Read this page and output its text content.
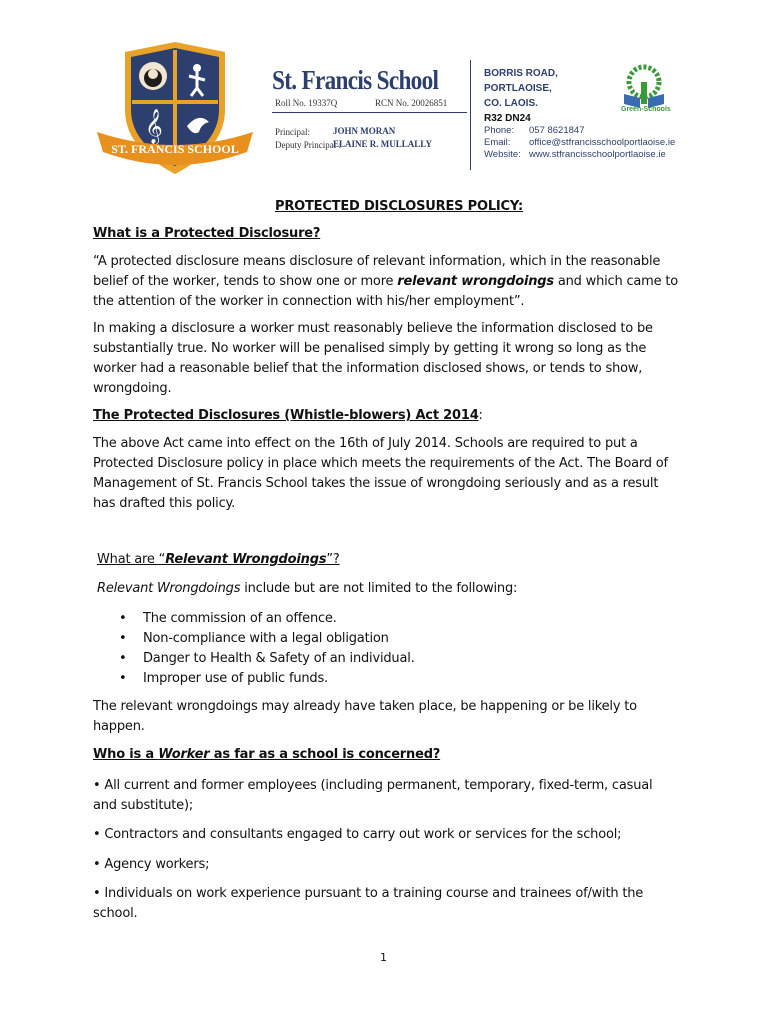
𝄞
ST. FRANCIS SCHOOL
St. Francis School
Roll No. 19337Q	RCN No. 20026851
Principal:	JOHN MORAN
Deputy Principal :
ELAINE R. MULLALLY
BORRIS ROAD,
PORTLAOISE,
CO. LAOIS.
R32 DN24
Phone: 057 8621847
Email: office@stfrancisschoolportlaoise.ie
Website: www.stfrancisschoolportlaoise.ie
Green-Schools
PROTECTED DISCLOSURES POLICY:
What is a Protected Disclosure?

“A protected disclosure means disclosure of relevant information, which in the reasonable belief of the worker, tends to show one or more relevant wrongdoings and which came to the attention of the worker in connection with his/her employment”.

In making a disclosure a worker must reasonably believe the information disclosed to be substantially true. No worker will be penalised simply by getting it wrong so long as the worker had a reasonable belief that the information disclosed shows, or tends to show, wrongdoing.

The Protected Disclosures (Whistle-blowers) Act 2014:

The above Act came into effect on the 16th of July 2014. Schools are required to put a Protected Disclosure policy in place which meets the requirements of the Act. The Board of Management of St. Francis School takes the issue of wrongdoing seriously and as a result has drafted this policy.

What are “Relevant Wrongdoings”?

Relevant Wrongdoings include but are not limited to the following:

• The commission of an offence.
• Non-compliance with a legal obligation
• Danger to Health & Safety of an individual.
• Improper use of public funds.

The relevant wrongdoings may already have taken place, be happening or be likely to happen.

Who is a Worker as far as a school is concerned?

• All current and former employees (including permanent, temporary, fixed-term, casual and substitute);

• Contractors and consultants engaged to carry out work or services for the school;

• Agency workers;

• Individuals on work experience pursuant to a training course and trainees of/with the school.

1
